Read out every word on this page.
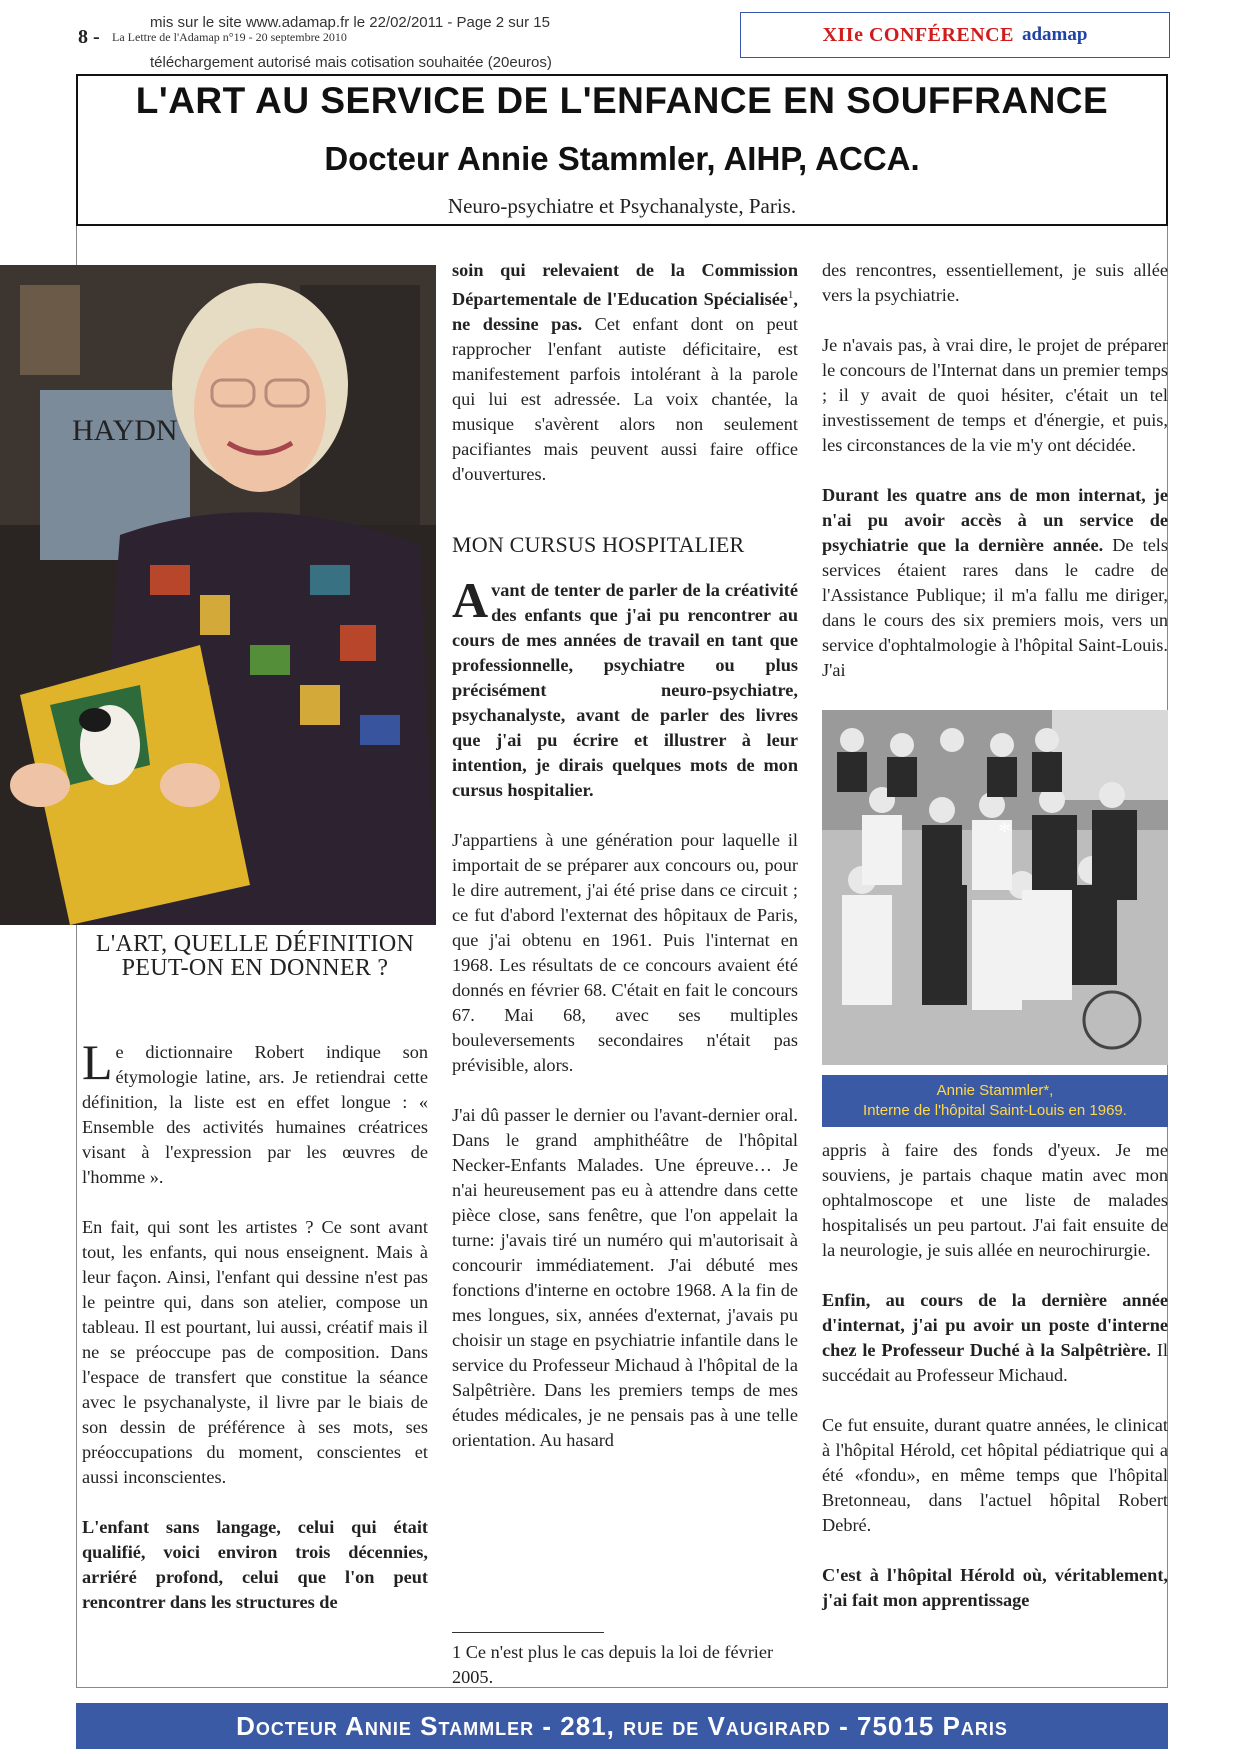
mis sur le site www.adamap.fr le 22/02/2011 - Page 2 sur 15
8 - La Lettre de l'Adamap n°19 - 20 septembre 2010
téléchargement autorisé mais cotisation souhaitée (20euros)
XIIe CONFÉRENCE adamap
L'ART AU SERVICE DE L'ENFANCE EN SOUFFRANCE
Docteur Annie Stammler, AIHP, ACCA.
Neuro-psychiatre et Psychanalyste, Paris.
HAYDN
L'ART, QUELLE DÉFINITION PEUT-ON EN DONNER ?

Le dictionnaire Robert indique son étymologie latine, ars. Je retiendrai cette définition, la liste est en effet longue : « Ensemble des activités humaines créatrices visant à l'expression par les œuvres de l'homme ».

En fait, qui sont les artistes ? Ce sont avant tout, les enfants, qui nous enseignent. Mais à leur façon. Ainsi, l'enfant qui dessine n'est pas le peintre qui, dans son atelier, compose un tableau. Il est pourtant, lui aussi, créatif mais il ne se préoccupe pas de composition. Dans l'espace de transfert que constitue la séance avec le psychanalyste, il livre par le biais de son dessin de préférence à ses mots, ses préoccupations du moment, conscientes et aussi inconscientes.

L'enfant sans langage, celui qui était qualifié, voici environ trois décennies, arriéré profond, celui que l'on peut rencontrer dans les structures de

soin qui relevaient de la Commission Départementale de l'Education Spécialisée$^1$, ne dessine pas. Cet enfant dont on peut rapprocher l'enfant autiste déficitaire, est manifestement parfois intolérant à la parole qui lui est adressée. La voix chantée, la musique s'avèrent alors non seulement pacifiantes mais peuvent aussi faire office d'ouvertures.

MON CURSUS HOSPITALIER

Avant de tenter de parler de la créativité des enfants que j'ai pu rencontrer au cours de mes années de travail en tant que professionnelle, psychiatre ou plus précisément neuro-psychiatre, psychanalyste, avant de parler des livres que j'ai pu écrire et illustrer à leur intention, je dirais quelques mots de mon cursus hospitalier.

J'appartiens à une génération pour laquelle il importait de se préparer aux concours ou, pour le dire autrement, j'ai été prise dans ce circuit ; ce fut d'abord l'externat des hôpitaux de Paris, que j'ai obtenu en 1961. Puis l'internat en 1968. Les résultats de ce concours avaient été donnés en février 68. C'était en fait le concours 67. Mai 68, avec ses multiples bouleversements secondaires n'était pas prévisible, alors.

J'ai dû passer le dernier ou l'avant-dernier oral. Dans le grand amphithéâtre de l'hôpital Necker-Enfants Malades. Une épreuve… Je n'ai heureusement pas eu à attendre dans cette pièce close, sans fenêtre, que l'on appelait la turne: j'avais tiré un numéro qui m'autorisait à concourir immédiatement. J'ai débuté mes fonctions d'interne en octobre 1968. A la fin de mes longues, six, années d'externat, j'avais pu choisir un stage en psychiatrie infantile dans le service du Professeur Michaud à l'hôpital de la Salpêtrière. Dans les premiers temps de mes études médicales, je ne pensais pas à une telle orientation. Au hasard

1 Ce n'est plus le cas depuis la loi de février 2005.

des rencontres, essentiellement, je suis allée vers la psychiatrie.

Je n'avais pas, à vrai dire, le projet de préparer le concours de l'Internat dans un premier temps ; il y avait de quoi hésiter, c'était un tel investissement de temps et d'énergie, et puis, les circonstances de la vie m'y ont décidée.

Durant les quatre ans de mon internat, je n'ai pu avoir accès à un service de psychiatrie que la dernière année. De tels services étaient rares dans le cadre de l'Assistance Publique; il m'a fallu me diriger, dans le cours des six premiers mois, vers un service d'ophtalmologie à l'hôpital Saint-Louis. J'ai

*
Annie Stammler*,
Interne de l'hôpital Saint-Louis en 1969.

appris à faire des fonds d'yeux. Je me souviens, je partais chaque matin avec mon ophtalmoscope et une liste de malades hospitalisés un peu partout. J'ai fait ensuite de la neurologie, je suis allée en neurochirurgie.

Enfin, au cours de la dernière année d'internat, j'ai pu avoir un poste d'interne chez le Professeur Duché à la Salpêtrière. Il succédait au Professeur Michaud.

Ce fut ensuite, durant quatre années, le clinicat à l'hôpital Hérold, cet hôpital pédiatrique qui a été «fondu», en même temps que l'hôpital Bretonneau, dans l'actuel hôpital Robert Debré.

C'est à l'hôpital Hérold où, véritablement, j'ai fait mon apprentissage

Docteur Annie Stammler - 281, rue de Vaugirard - 75015 Paris
